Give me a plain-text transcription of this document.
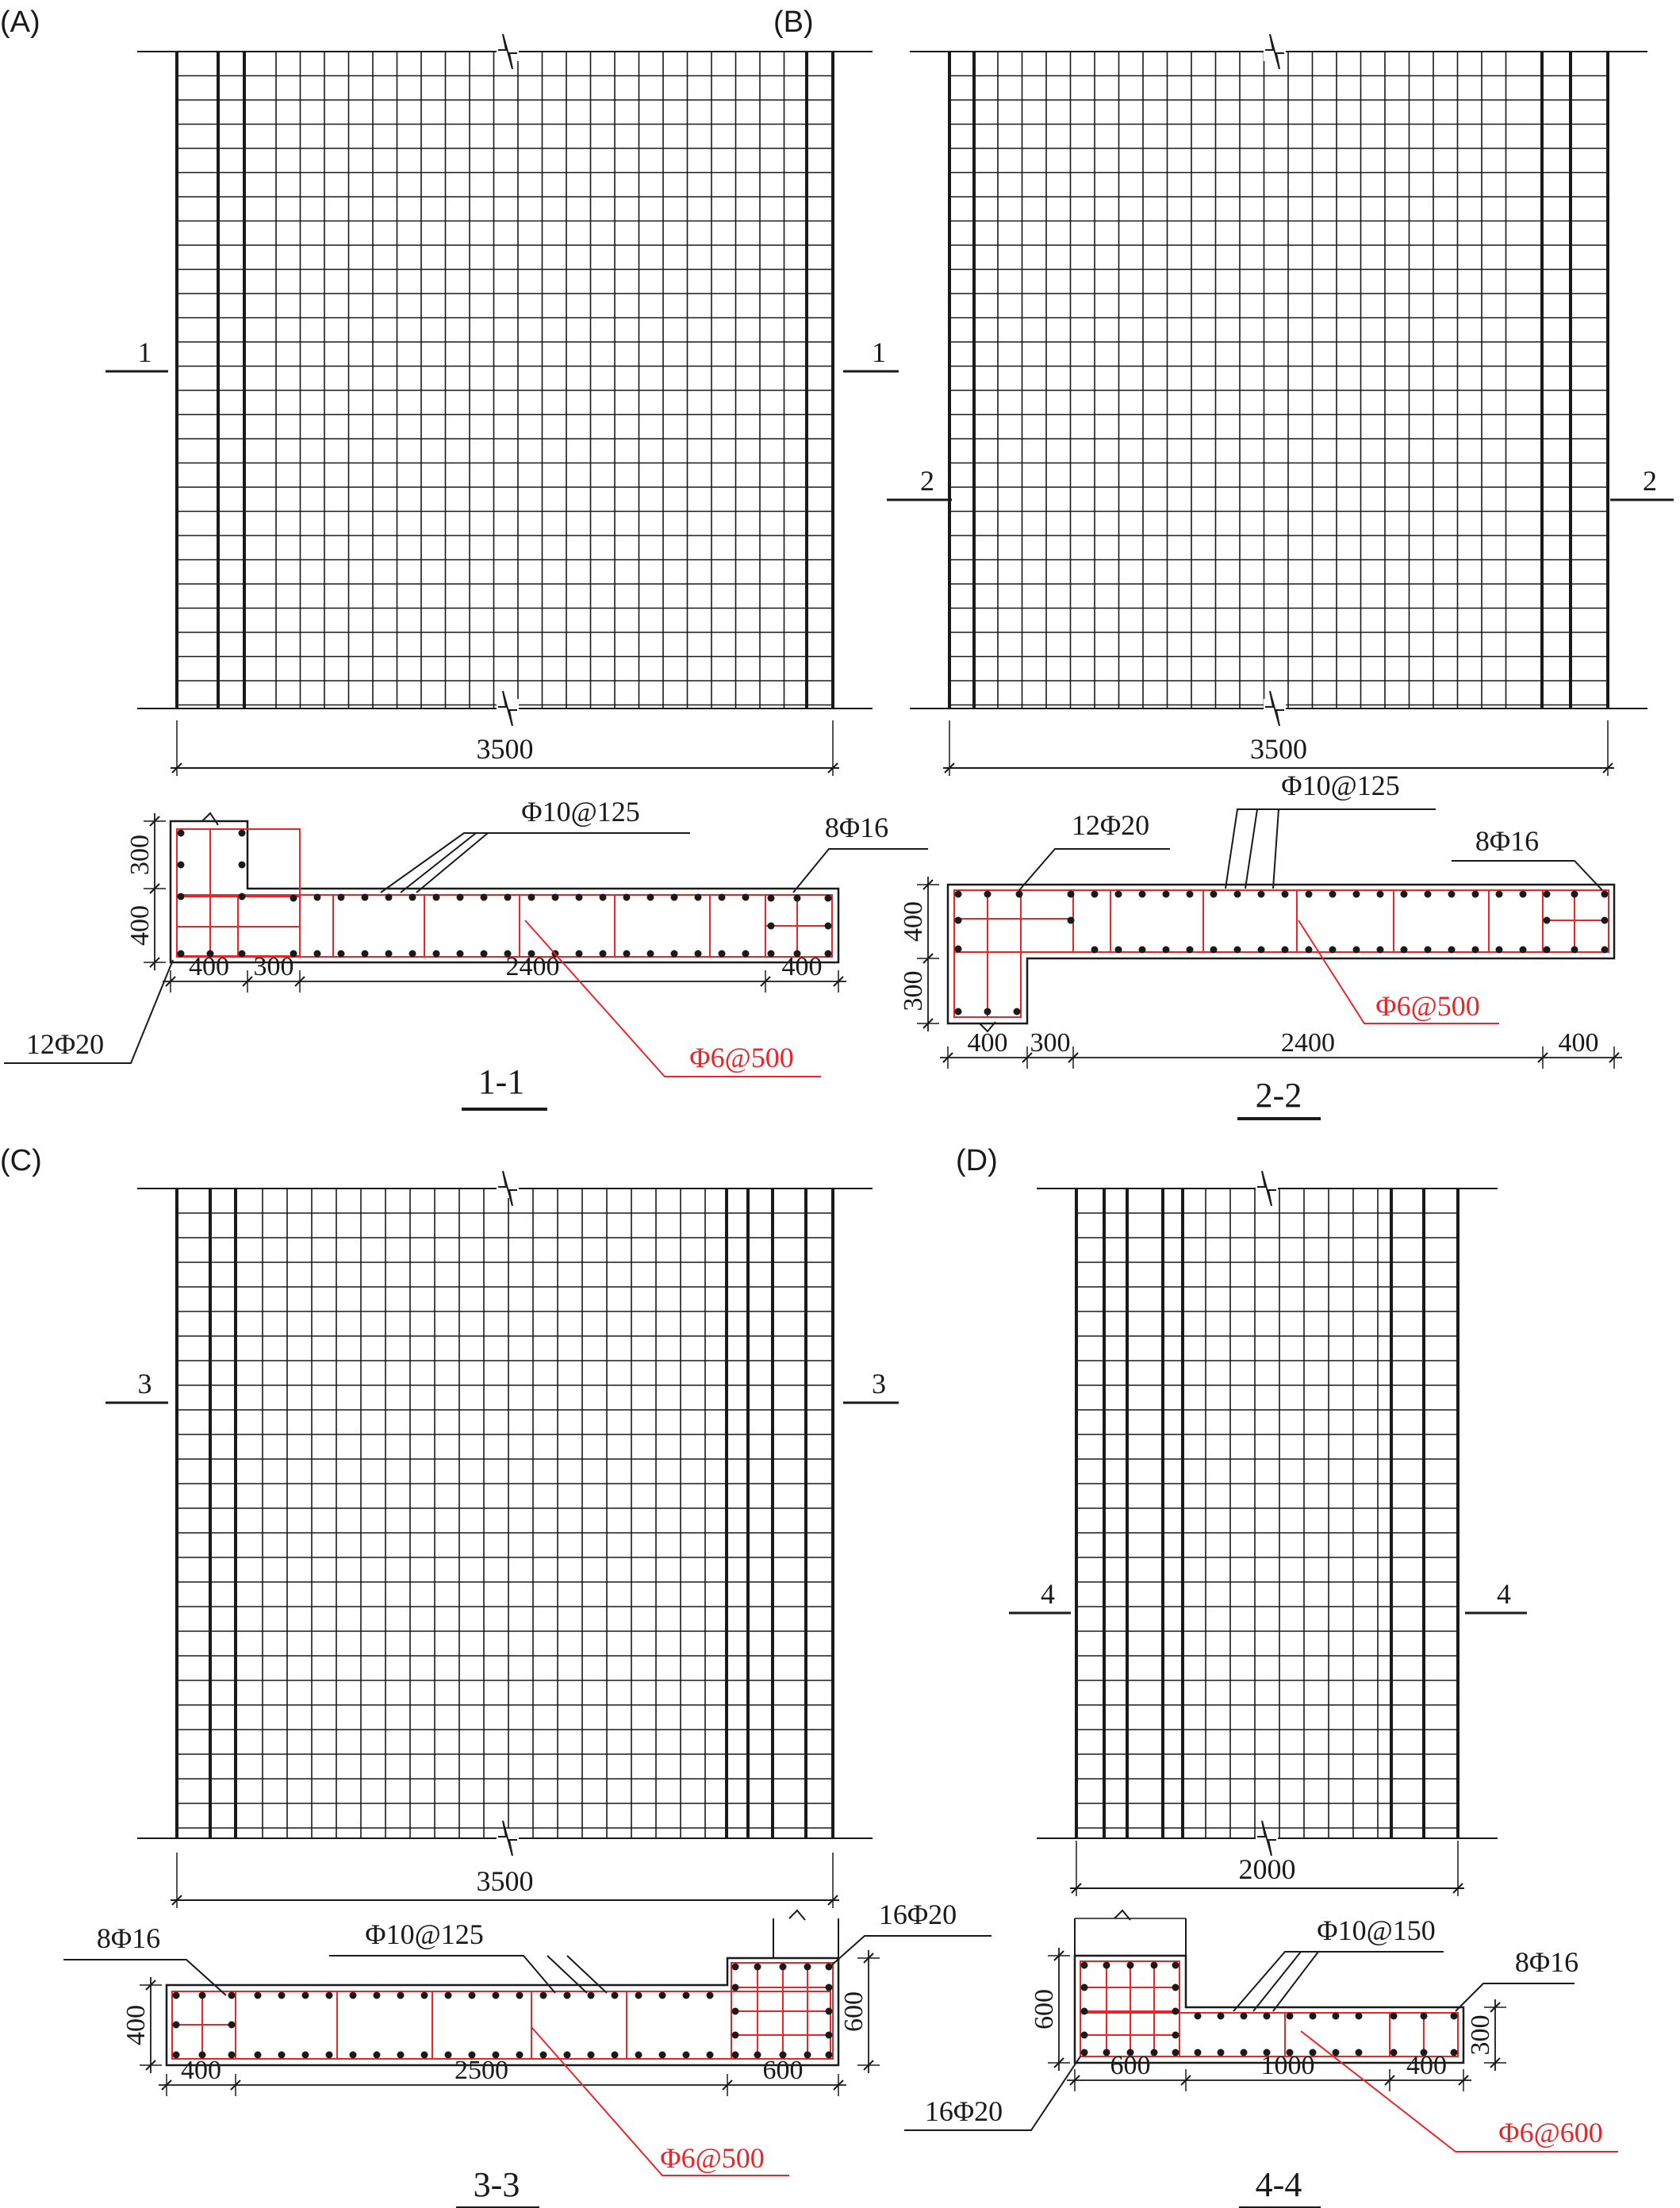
1	1
3500
(A)
2	2
3500
(B)
3	3
3500
(C)
4	4
2000
(D)
400 300	2400	400
300
400
Φ10@125	8Φ16
12Φ20	Φ6@500
1-1
400 300	2400	400
400
300
Φ10@125
12Φ20	8Φ16
Φ6@500
2-2
400	2500	600
400	600
8Φ16	Φ10@125
16Φ20
Φ6@500
3-3
600	1000	400
600
300
Φ10@150
8Φ16
16Φ20
Φ6@600
4-4
